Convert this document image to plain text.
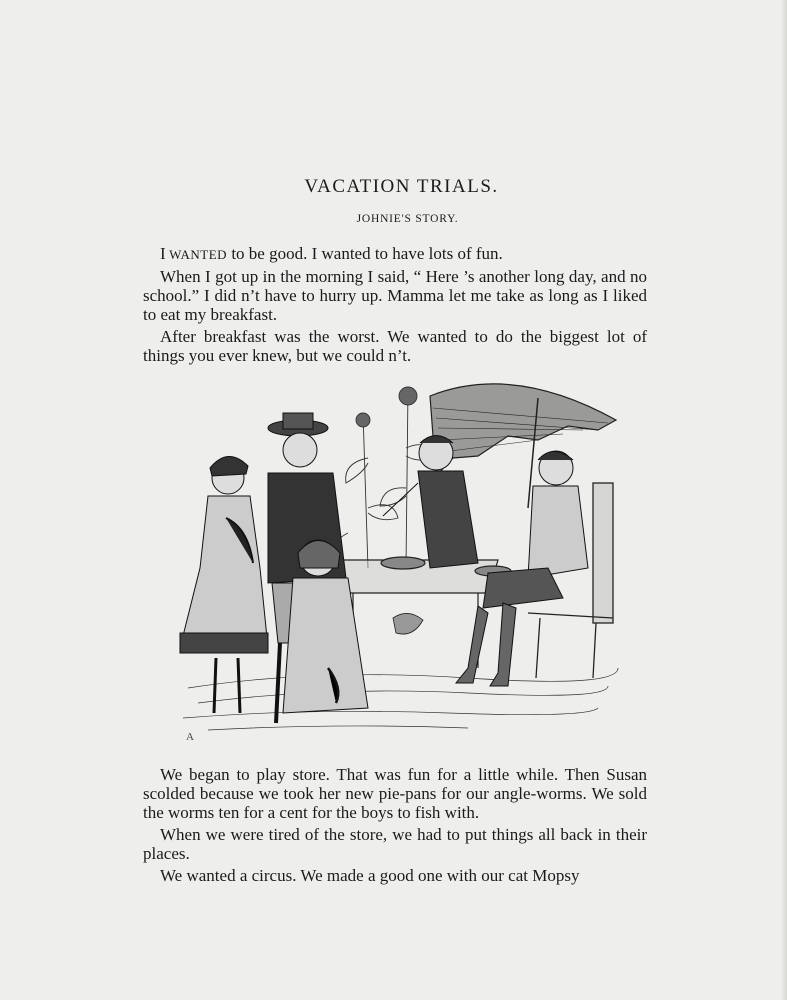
VACATION TRIALS.
JOHNIE'S STORY.

I WANTED to be good. I wanted to have lots of fun.

When I got up in the morning I said, “ Here ’s another long day, and no school.” I did n’t have to hurry up. Mamma let me take as long as I liked to eat my breakfast.

After breakfast was the worst. We wanted to do the biggest lot of things you ever knew, but we could n’t.

A

We began to play store. That was fun for a little while. Then Susan scolded because we took her new pie-pans for our angle-worms. We sold the worms ten for a cent for the boys to fish with.

When we were tired of the store, we had to put things all back in their places.

We wanted a circus. We made a good one with our cat Mopsy
